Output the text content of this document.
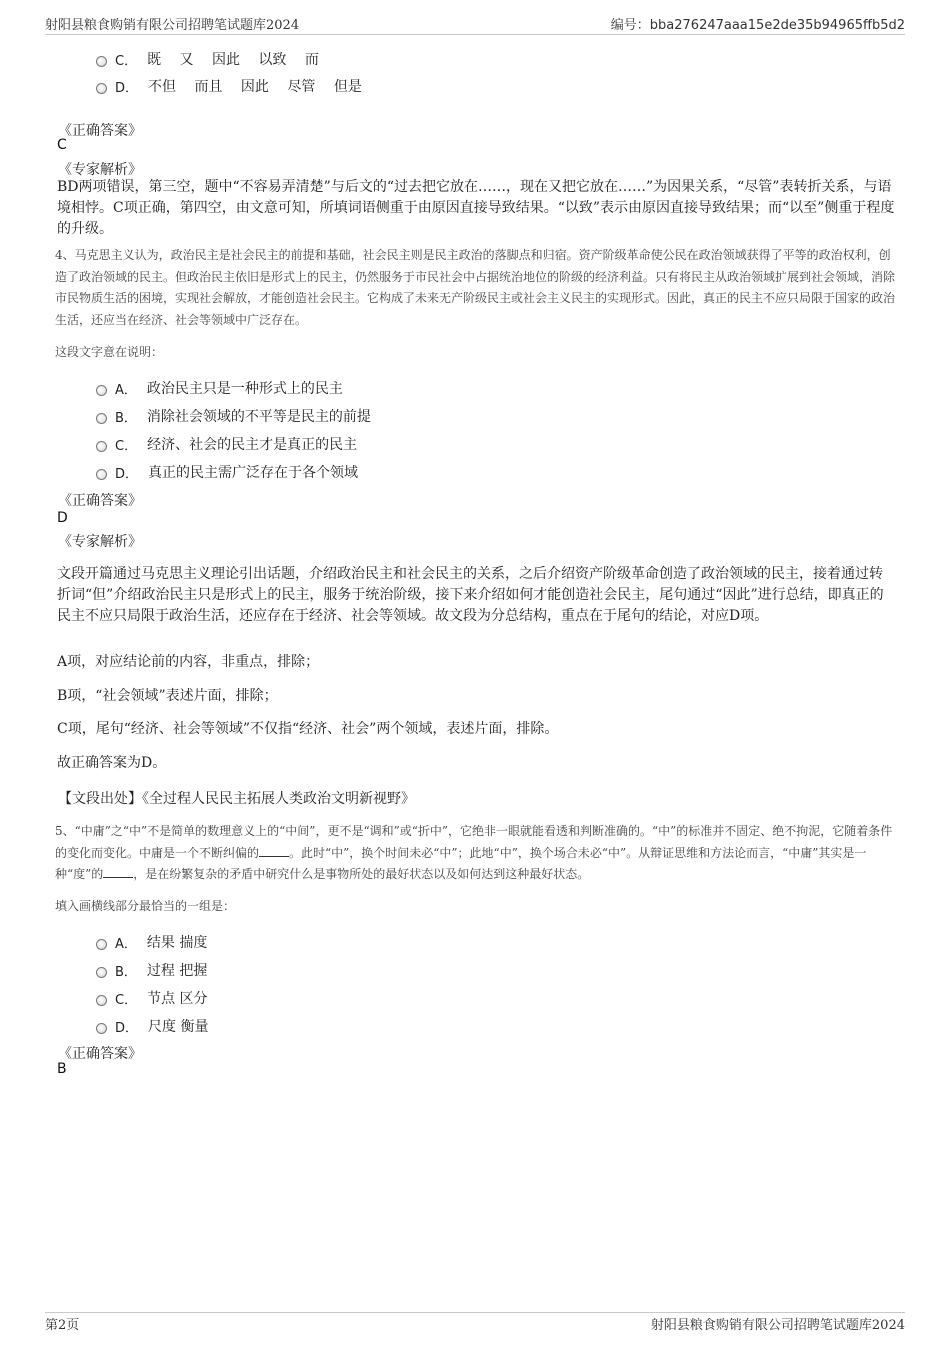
射阳县粮食购销有限公司招聘笔试题库2024	编号：bba276247aaa15e2de35b94965ffb5d2
C． 既　 又　 因此　 以致　 而
D． 不但　 而且　 因此　 尽管　 但是
《正确答案》
C
《专家解析》
BD两项错误，第三空，题中“不容易弄清楚”与后文的“过去把它放在……，现在又把它放在……”为因果关系，“尽管”表转折关系，与语境相悖。C项正确，第四空，由文意可知，所填词语侧重于由原因直接导致结果。“以致”表示由原因直接导致结果；而“以至”侧重于程度的升级。
4、马克思主义认为，政治民主是社会民主的前提和基础，社会民主则是民主政治的落脚点和归宿。资产阶级革命使公民在政治领域获得了平等的政治权利，创造了政治领域的民主。但政治民主依旧是形式上的民主，仍然服务于市民社会中占据统治地位的阶级的经济利益。只有将民主从政治领域扩展到社会领域，消除市民物质生活的困境，实现社会解放，才能创造社会民主。它构成了未来无产阶级民主或社会主义民主的实现形式。因此，真正的民主不应只局限于国家的政治生活，还应当在经济、社会等领域中广泛存在。
这段文字意在说明：
A． 政治民主只是一种形式上的民主
B． 消除社会领域的不平等是民主的前提
C． 经济、社会的民主才是真正的民主
D． 真正的民主需广泛存在于各个领域
《正确答案》
D
《专家解析》
文段开篇通过马克思主义理论引出话题，介绍政治民主和社会民主的关系，之后介绍资产阶级革命创造了政治领域的民主，接着通过转折词“但”介绍政治民主只是形式上的民主，服务于统治阶级，接下来介绍如何才能创造社会民主，尾句通过“因此”进行总结，即真正的民主不应只局限于政治生活，还应存在于经济、社会等领域。故文段为分总结构，重点在于尾句的结论，对应D项。
A项，对应结论前的内容，非重点，排除；
B项，“社会领域”表述片面，排除；
C项，尾句“经济、社会等领域”不仅指“经济、社会”两个领域，表述片面，排除。
故正确答案为D。
【文段出处】《全过程人民民主拓展人类政治文明新视野》
5、“中庸”之“中”不是简单的数理意义上的“中间”，更不是“调和”或“折中”，它绝非一眼就能看透和判断准确的。“中”的标准并不固定、绝不拘泥，它随着条件的变化而变化。中庸是一个不断纠偏的	。此时“中”，换个时间未必“中”；此地“中”，换个场合未必“中”。从辩证思维和方法论而言，“中庸”其实是一种“度”的	，是在纷繁复杂的矛盾中研究什么是事物所处的最好状态以及如何达到这种最好状态。
填入画横线部分最恰当的一组是：
A． 结果 揣度
B． 过程 把握
C． 节点 区分
D． 尺度 衡量
《正确答案》
B
第2页	射阳县粮食购销有限公司招聘笔试题库2024
